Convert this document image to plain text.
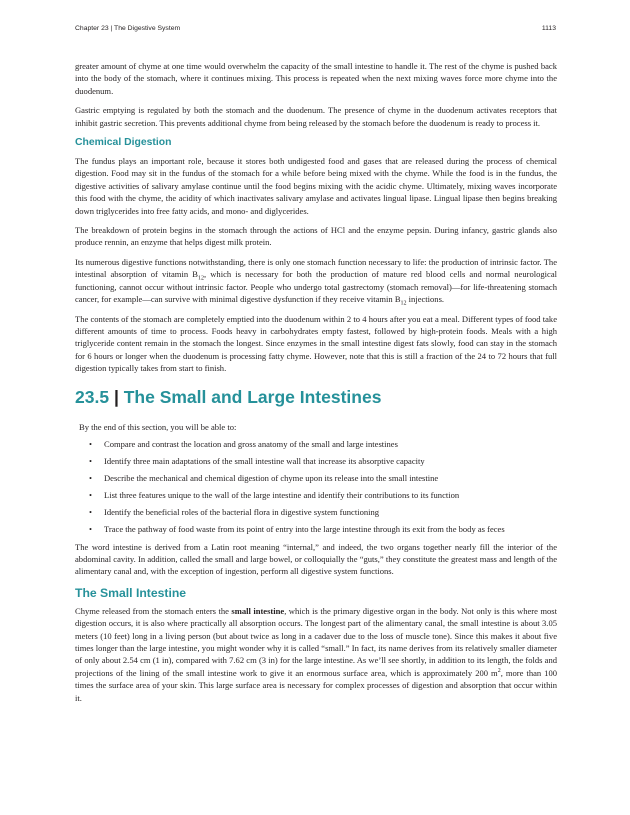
Chapter 23 | The Digestive System	1113

greater amount of chyme at one time would overwhelm the capacity of the small intestine to handle it. The rest of the chyme is pushed back into the body of the stomach, where it continues mixing. This process is repeated when the next mixing waves force more chyme into the duodenum.

Gastric emptying is regulated by both the stomach and the duodenum. The presence of chyme in the duodenum activates receptors that inhibit gastric secretion. This prevents additional chyme from being released by the stomach before the duodenum is ready to process it.

Chemical Digestion

The fundus plays an important role, because it stores both undigested food and gases that are released during the process of chemical digestion. Food may sit in the fundus of the stomach for a while before being mixed with the chyme. While the food is in the fundus, the digestive activities of salivary amylase continue until the food begins mixing with the acidic chyme. Ultimately, mixing waves incorporate this food with the chyme, the acidity of which inactivates salivary amylase and activates lingual lipase. Lingual lipase then begins breaking down triglycerides into free fatty acids, and mono- and diglycerides.

The breakdown of protein begins in the stomach through the actions of HCl and the enzyme pepsin. During infancy, gastric glands also produce rennin, an enzyme that helps digest milk protein.

Its numerous digestive functions notwithstanding, there is only one stomach function necessary to life: the production of intrinsic factor. The intestinal absorption of vitamin $B_{12}$, which is necessary for both the production of mature red blood cells and normal neurological functioning, cannot occur without intrinsic factor. People who undergo total gastrectomy (stomach removal)—for life-threatening stomach cancer, for example—can survive with minimal digestive dysfunction if they receive vitamin $B_{12}$ injections.

The contents of the stomach are completely emptied into the duodenum within 2 to 4 hours after you eat a meal. Different types of food take different amounts of time to process. Foods heavy in carbohydrates empty fastest, followed by high-protein foods. Meals with a high triglyceride content remain in the stomach the longest. Since enzymes in the small intestine digest fats slowly, food can stay in the stomach for 6 hours or longer when the duodenum is processing fatty chyme. However, note that this is still a fraction of the 24 to 72 hours that full digestion typically takes from start to finish.

23.5 | The Small and Large Intestines

By the end of this section, you will be able to:

• Compare and contrast the location and gross anatomy of the small and large intestines
• Identify three main adaptations of the small intestine wall that increase its absorptive capacity
• Describe the mechanical and chemical digestion of chyme upon its release into the small intestine
• List three features unique to the wall of the large intestine and identify their contributions to its function
• Identify the beneficial roles of the bacterial flora in digestive system functioning
• Trace the pathway of food waste from its point of entry into the large intestine through its exit from the body as feces

The word intestine is derived from a Latin root meaning “internal,” and indeed, the two organs together nearly fill the interior of the abdominal cavity. In addition, called the small and large bowel, or colloquially the “guts,” they constitute the greatest mass and length of the alimentary canal and, with the exception of ingestion, perform all digestive system functions.

The Small Intestine

Chyme released from the stomach enters the small intestine, which is the primary digestive organ in the body. Not only is this where most digestion occurs, it is also where practically all absorption occurs. The longest part of the alimentary canal, the small intestine is about 3.05 meters (10 feet) long in a living person (but about twice as long in a cadaver due to the loss of muscle tone). Since this makes it about five times longer than the large intestine, you might wonder why it is called “small.” In fact, its name derives from its relatively smaller diameter of only about 2.54 cm (1 in), compared with 7.62 cm (3 in) for the large intestine. As we’ll see shortly, in addition to its length, the folds and projections of the lining of the small intestine work to give it an enormous surface area, which is approximately 200 $m^2$, more than 100 times the surface area of your skin. This large surface area is necessary for complex processes of digestion and absorption that occur within it.
